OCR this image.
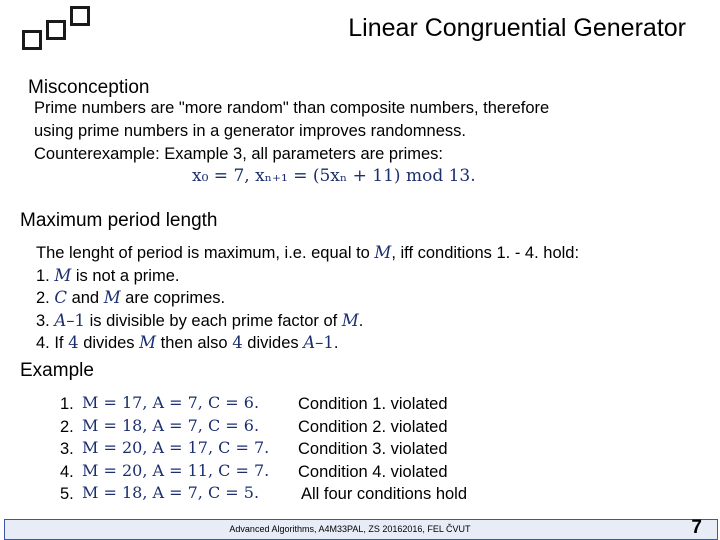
Linear Congruential Generator
Misconception
Prime numbers are "more random" than composite numbers, therefore
using prime numbers in a generator improves randomness.
Counterexample: Example 3, all parameters are primes:
x₀ = 7, xₙ₊₁ = (5xₙ + 11) mod 13.
Maximum period length
The lenght of period is maximum, i.e. equal to M, iff conditions 1. - 4. hold:
1. M is not a prime.
2. C and M are coprimes.
3. A–1 is divisible by each prime factor of M.
4. If 4 divides M then also 4 divides A–1.
Example
1. M = 17, A = 7, C = 6. Condition 1. violated
2. M = 18, A = 7, C = 6. Condition 2. violated
3. M = 20, A = 17, C = 7. Condition 3. violated
4. M = 20, A = 11, C = 7. Condition 4. violated
5. M = 18, A = 7, C = 5.	All four conditions hold
Advanced Algorithms, A4M33PAL, ZS 20162016, FEL ČVUT	7
